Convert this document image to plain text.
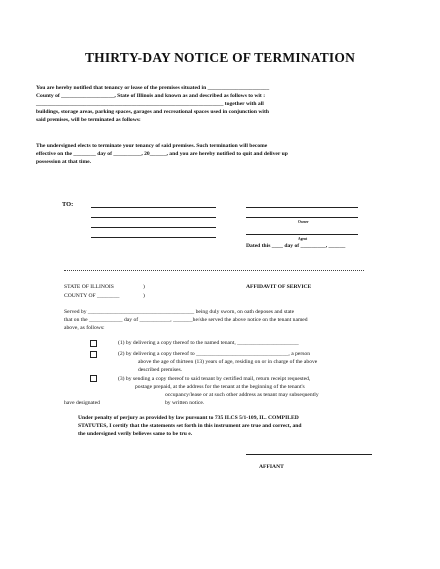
THIRTY-DAY NOTICE OF TERMINATION
You are hereby notified that tenancy or lease of the premises situated in ______________________
County of ___________________, State of Illinois and known as and described as follows to wit :
___________________________________________________________________ together with all
buildings, storage areas, parking spaces, garages and recreational spaces used in conjunction with
said premises, will be terminated as follows:
The undersigned elects to terminate your tenancy of said premises. Such termination will become
effective on the ________ day of __________, 20______, and you are hereby notified to quit and deliver up
possession at that time.
TO:
Owner
Agent
Dated this ____ day of _________, ______
STATE OF ILLINOIS
COUNTY OF ________
)
)
AFFIDAVIT OF SERVICE
Served by ______________________________________ being duly sworn, on oath deposes and state
that on the ____________ day of ___________, _______he/she served the above notice on the tenant named
above, as follows:
(1) by delivering a copy thereof to the named tenant, ______________________
(2) by delivering a copy thereof to _________________________________, a person
above the age of thirteen (13) years of age, residing on or in charge of the above
described premises.
(3) by sending a copy thereof to said tenant by certified mail, return receipt requested,
postage prepaid, at the address for the tenant at the beginning of the tenant's
occupancy/lease or at such other address as tenant may subsequently
have designated	by written notice.
Under penalty of perjury as provided by law pursuant to 735 ILCS 5/1-109, IL. COMPILED
STATUTES, I certify that the statements set forth in this instrument are true and correct, and
the undersigned verily believes same to be tru e.
AFFIANT
